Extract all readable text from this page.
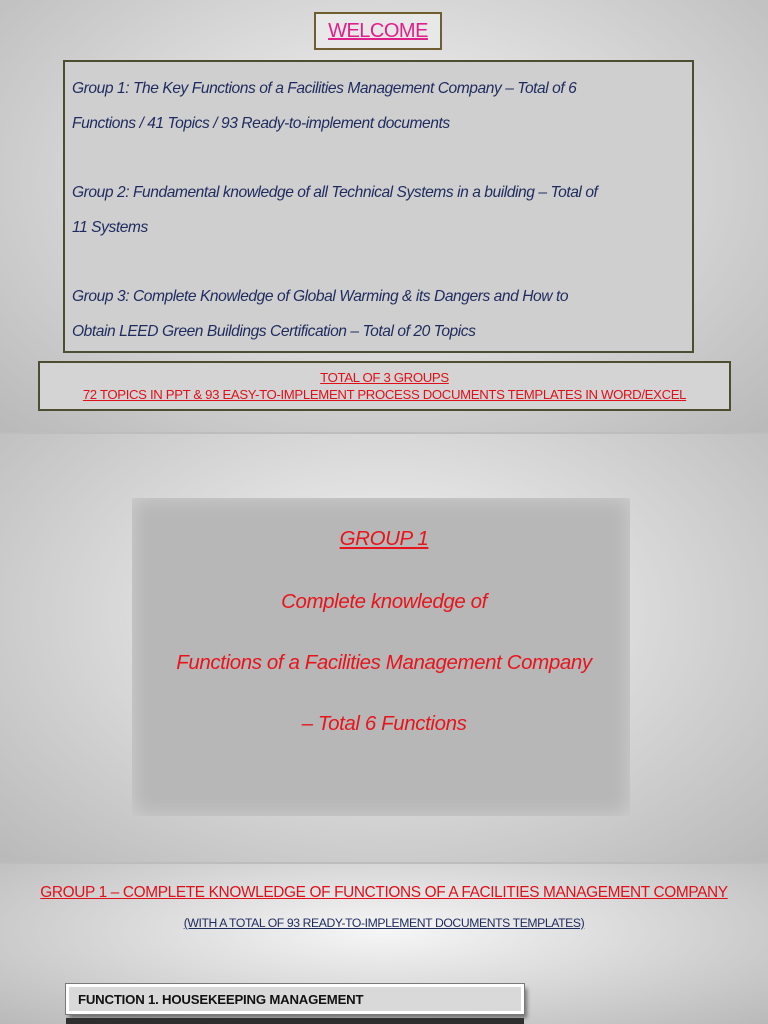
WELCOME
Group 1: The Key Functions of a Facilities Management Company – Total of 6
Functions / 41 Topics / 93 Ready-to-implement documents
Group 2: Fundamental knowledge of all Technical Systems in a building – Total of
11 Systems
Group 3: Complete Knowledge of Global Warming & its Dangers and How to
Obtain LEED Green Buildings Certification – Total of 20 Topics
TOTAL OF 3 GROUPS
72 TOPICS IN PPT & 93 EASY-TO-IMPLEMENT PROCESS DOCUMENTS TEMPLATES IN WORD/EXCEL
GROUP 1
Complete knowledge of
Functions of a Facilities Management Company
– Total 6 Functions
GROUP 1 – COMPLETE KNOWLEDGE OF FUNCTIONS OF A FACILITIES MANAGEMENT COMPANY
(WITH A TOTAL OF 93 READY-TO-IMPLEMENT DOCUMENTS TEMPLATES)
FUNCTION 1. HOUSEKEEPING MANAGEMENT
